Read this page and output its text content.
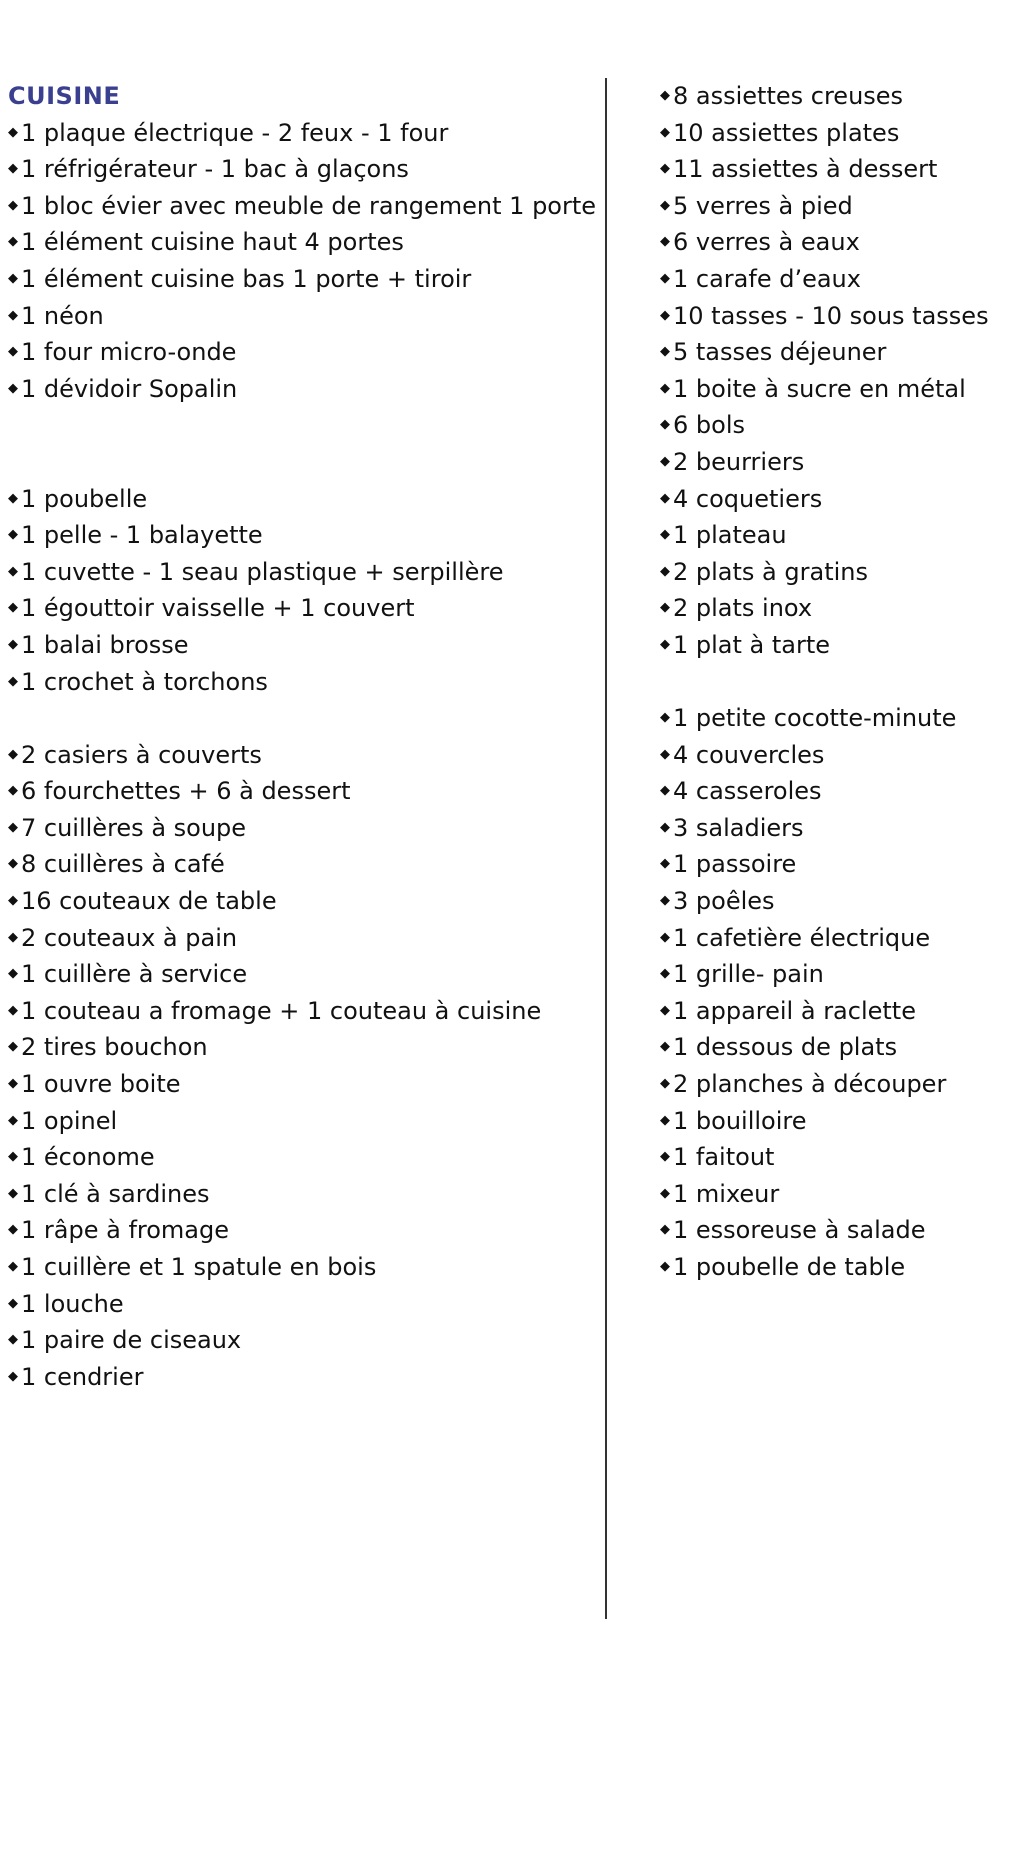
CUISINE
◆ 1 plaque électrique - 2 feux - 1 four
◆ 1 réfrigérateur - 1 bac à glaçons
◆ 1 bloc évier avec meuble de rangement 1 porte
◆ 1 élément cuisine haut 4 portes
◆ 1 élément cuisine bas 1 porte + tiroir
◆ 1 néon
◆ 1 four micro-onde
◆ 1 dévidoir Sopalin
◆ 1 poubelle
◆ 1 pelle - 1 balayette
◆ 1 cuvette - 1 seau plastique + serpillère
◆ 1 égouttoir vaisselle + 1 couvert
◆ 1 balai brosse
◆ 1 crochet à torchons
◆ 2 casiers à couverts
◆ 6 fourchettes + 6 à dessert
◆ 7 cuillères à soupe
◆ 8 cuillères à café
◆ 16 couteaux de table
◆ 2 couteaux à pain
◆ 1 cuillère à service
◆ 1 couteau a fromage + 1 couteau à cuisine
◆ 2 tires bouchon
◆ 1 ouvre boite
◆ 1 opinel
◆ 1 économe
◆ 1 clé à sardines
◆ 1 râpe à fromage
◆ 1 cuillère et 1 spatule en bois
◆ 1 louche
◆ 1 paire de ciseaux
◆ 1 cendrier
◆ 8 assiettes creuses
◆ 10 assiettes plates
◆ 11 assiettes à dessert
◆ 5 verres à pied
◆ 6 verres à eaux
◆ 1 carafe d’eaux
◆ 10 tasses - 10 sous tasses
◆ 5 tasses déjeuner
◆ 1 boite à sucre en métal
◆ 6 bols
◆ 2 beurriers
◆ 4 coquetiers
◆ 1 plateau
◆ 2 plats à gratins
◆ 2 plats inox
◆ 1 plat à tarte
◆ 1 petite cocotte-minute
◆ 4 couvercles
◆ 4 casseroles
◆ 3 saladiers
◆ 1 passoire
◆ 3 poêles
◆ 1 cafetière électrique
◆ 1 grille- pain
◆ 1 appareil à raclette
◆ 1 dessous de plats
◆ 2 planches à découper
◆ 1 bouilloire
◆ 1 faitout
◆ 1 mixeur
◆ 1 essoreuse à salade
◆ 1 poubelle de table
